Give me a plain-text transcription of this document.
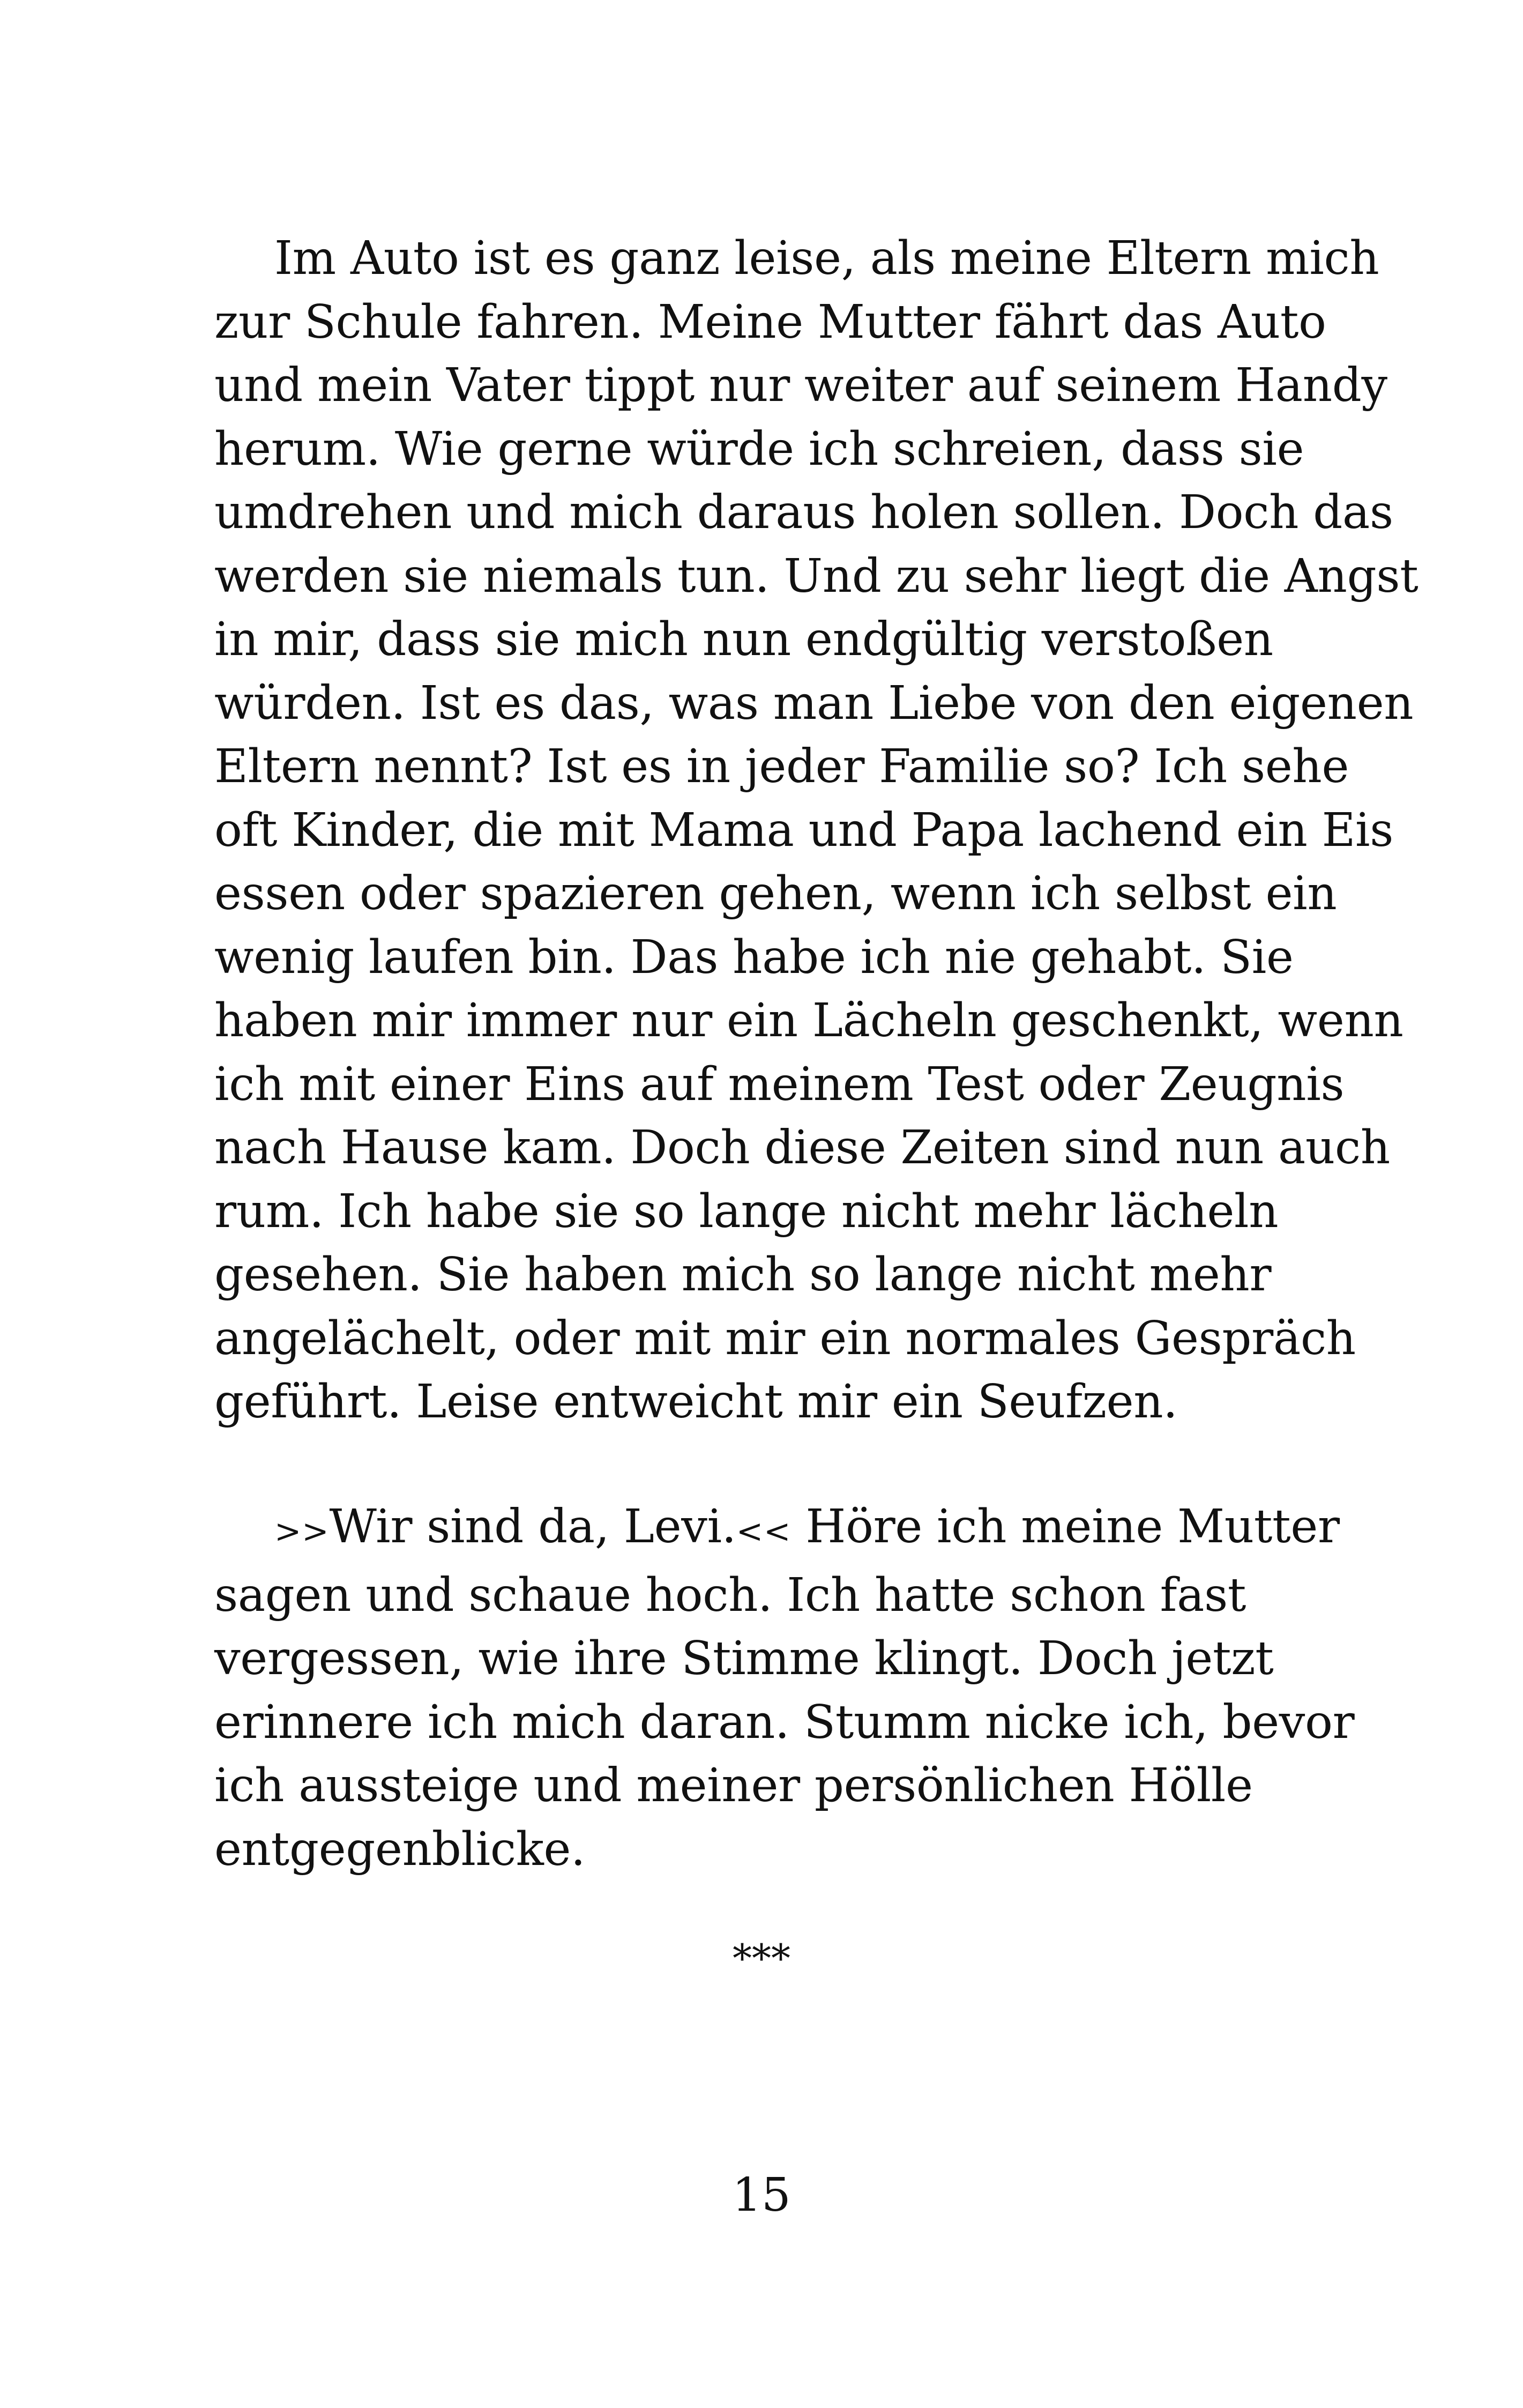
Im Auto ist es ganz leise, als meine Eltern mich
zur Schule fahren. Meine Mutter fährt das Auto
und mein Vater tippt nur weiter auf seinem Handy
herum. Wie gerne würde ich schreien, dass sie
umdrehen und mich daraus holen sollen. Doch das
werden sie niemals tun. Und zu sehr liegt die Angst
in mir, dass sie mich nun endgültig verstoßen
würden. Ist es das, was man Liebe von den eigenen
Eltern nennt? Ist es in jeder Familie so? Ich sehe
oft Kinder, die mit Mama und Papa lachend ein Eis
essen oder spazieren gehen, wenn ich selbst ein
wenig laufen bin. Das habe ich nie gehabt. Sie
haben mir immer nur ein Lächeln geschenkt, wenn
ich mit einer Eins auf meinem Test oder Zeugnis
nach Hause kam. Doch diese Zeiten sind nun auch
rum. Ich habe sie so lange nicht mehr lächeln
gesehen. Sie haben mich so lange nicht mehr
angelächelt, oder mit mir ein normales Gespräch
geführt. Leise entweicht mir ein Seufzen.
>>Wir sind da, Levi.<< Höre ich meine Mutter
sagen und schaue hoch. Ich hatte schon fast
vergessen, wie ihre Stimme klingt. Doch jetzt
erinnere ich mich daran. Stumm nicke ich, bevor
ich aussteige und meiner persönlichen Hölle
entgegenblicke.
***
15
